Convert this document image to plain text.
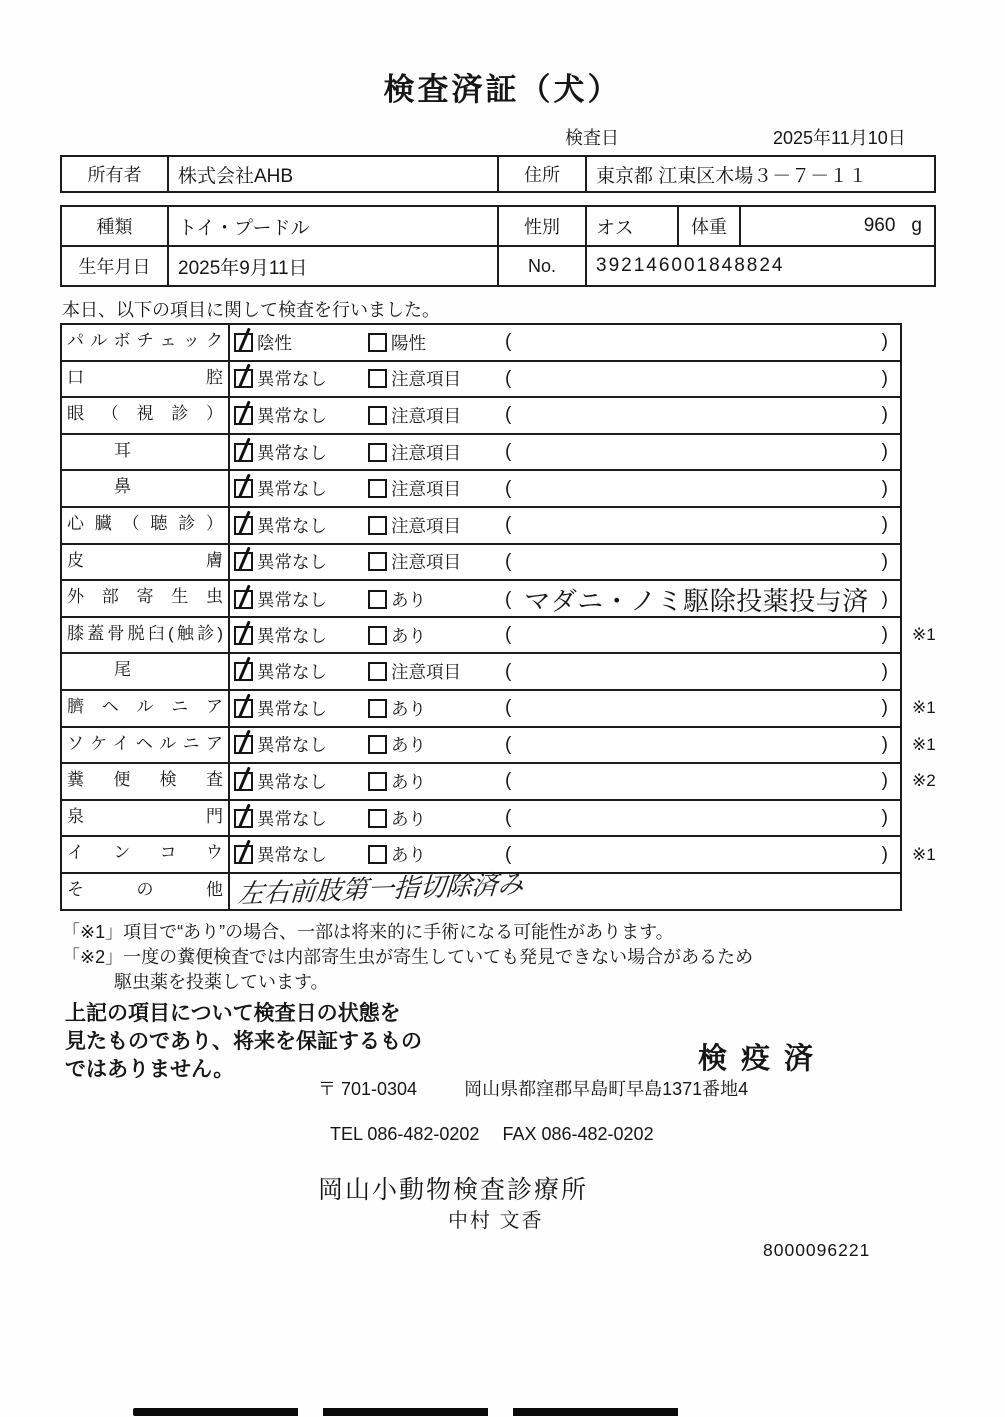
検査済証（犬）
検査日	2025年11月10日
所有者	株式会社AHB	住所	東京都 江東区木場３－７－１１
種類	トイ・プードル	性別	オス	体重	960 g
生年月日	2025年9月11日	No.	392146001848824
本日、以下の項目に関して検査を行いました。
パルボチェック	陰性	陽性	(	)
口腔	異常なし	注意項目 (	)
眼（視診）	異常なし	注意項目 (	)
耳	異常なし	注意項目 (	)
鼻	異常なし	注意項目 (	)
心臓（聴診）	異常なし	注意項目 (	)
皮膚	異常なし	注意項目 (	)
外部寄生虫	異常なし	あり	( マダニ・ノミ駆除投薬投与済 )
膝蓋骨脱臼(触診)	異常なし	あり	(	) ※1
尾	異常なし	注意項目 (	)
臍ヘルニア	異常なし	あり	(	) ※1
ソケイヘルニア	異常なし	あり	(	) ※1
糞便検査	異常なし	あり	(	) ※2
泉門	異常なし	あり	(	)
インコウ	異常なし	あり	(	) ※1
その他 左右前肢第一指切除済み
「※1」項目で“あり”の場合、一部は将来的に手術になる可能性があります。
「※2」一度の糞便検査では内部寄生虫が寄生していても発見できない場合があるため
駆虫薬を投薬しています。
上記の項目について検査日の状態を
見たものであり、将来を保証するもの
ではありません。	検疫済
〒 701-0304	岡山県都窪郡早島町早島1371番地4
TEL 086-482-0202 FAX 086-482-0202
岡山小動物検査診療所
中村 文香
8000096221
